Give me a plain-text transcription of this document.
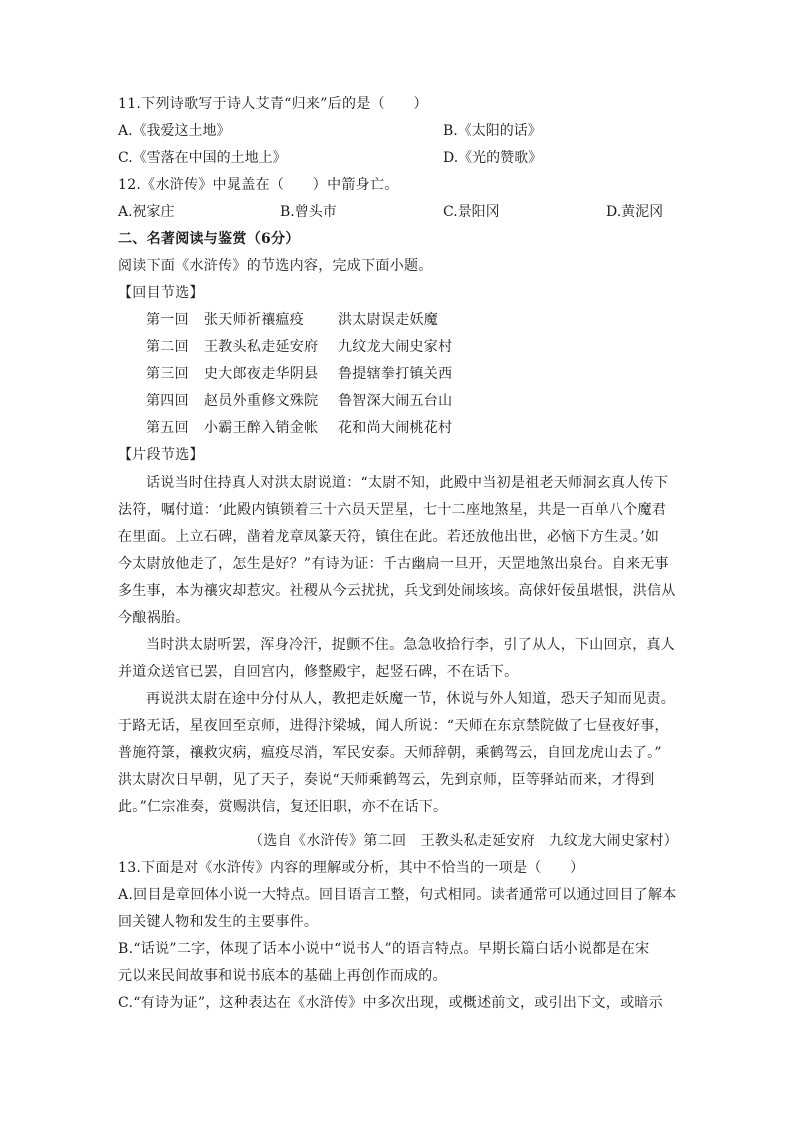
11.下列诗歌写于诗人艾青“归来”后的是（　　）
A.《我爱这土地》	B.《太阳的话》
C.《雪落在中国的土地上》	D.《光的赞歌》
12.《水浒传》中晁盖在（　　）中箭身亡。
A.祝家庄	B.曾头市	C.景阳冈	D.黄泥冈
二、名著阅读与鉴赏（6分）
阅读下面《水浒传》的节选内容，完成下面小题。
【回目节选】
第一回 张天师祈禳瘟疫 洪太尉误走妖魔
第二回 王教头私走延安府 九纹龙大闹史家村
第三回 史大郎夜走华阴县 鲁提辖拳打镇关西
第四回 赵员外重修文殊院 鲁智深大闹五台山
第五回 小霸王醉入销金帐 花和尚大闹桃花村
【片段节选】
话说当时住持真人对洪太尉说道：“太尉不知，此殿中当初是祖老天师洞玄真人传下
法符，嘱付道：‘此殿内镇锁着三十六员天罡星，七十二座地煞星，共是一百单八个魔君
在里面。上立石碑，凿着龙章凤篆天符，镇住在此。若还放他出世，必恼下方生灵。’如
今太尉放他走了，怎生是好？”有诗为证：千古幽扃一旦开，天罡地煞出泉台。自来无事
多生事，本为禳灾却惹灾。社稷从今云扰扰，兵戈到处闹垓垓。高俅奸佞虽堪恨，洪信从
今酿祸胎。
当时洪太尉听罢，浑身冷汗，捉颤不住。急急收拾行李，引了从人，下山回京，真人
并道众送官已罢，自回宫内，修整殿宇，起竖石碑，不在话下。
再说洪太尉在途中分付从人，教把走妖魔一节，休说与外人知道，恐天子知而见责。
于路无话，星夜回至京师，进得汴梁城，闻人所说：“天师在东京禁院做了七昼夜好事，
普施符箓，禳救灾病，瘟疫尽消，军民安泰。天师辞朝，乘鹤驾云，自回龙虎山去了。”
洪太尉次日早朝，见了天子，奏说“天师乘鹤驾云，先到京师，臣等驿站而来，才得到
此。”仁宗准奏，赏赐洪信，复还旧职，亦不在话下。
（选自《水浒传》第二回　王教头私走延安府　九纹龙大闹史家村）
13.下面是对《水浒传》内容的理解或分析，其中不恰当的一项是（　　）
A.回目是章回体小说一大特点。回目语言工整，句式相同。读者通常可以通过回目了解本
回关键人物和发生的主要事件。
B.“话说”二字，体现了话本小说中“说书人”的语言特点。早期长篇白话小说都是在宋
元以来民间故事和说书底本的基础上再创作而成的。
C.“有诗为证”，这种表达在《水浒传》中多次出现，或概述前文，或引出下文，或暗示
